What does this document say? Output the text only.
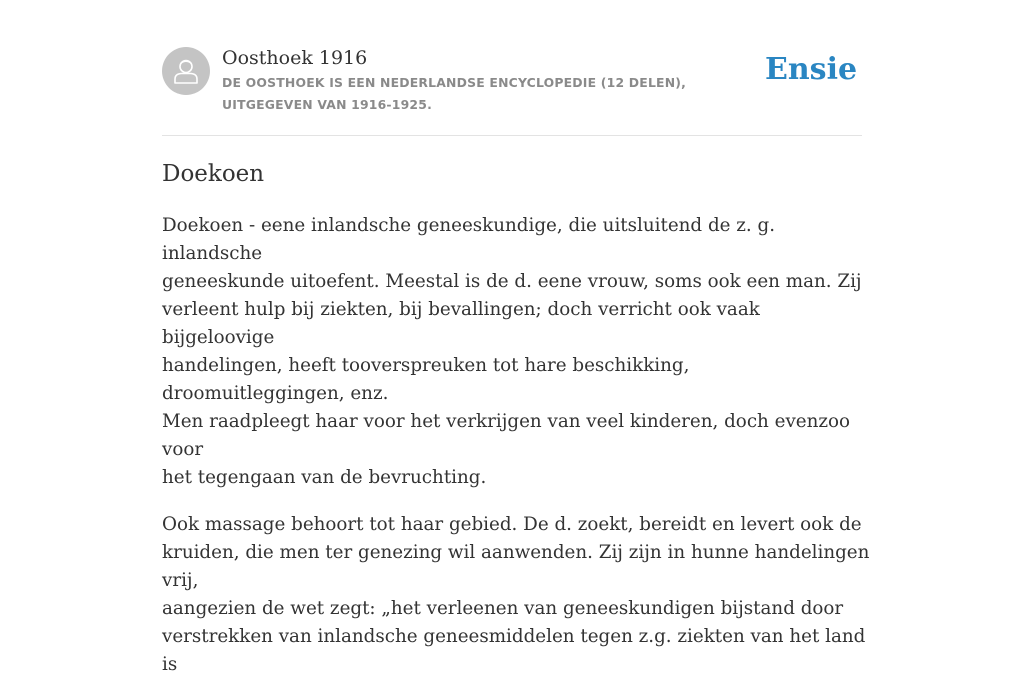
Oosthoek 1916
DE OOSTHOEK IS EEN NEDERLANDSE ENCYCLOPEDIE (12 DELEN), UITGEGEVEN VAN 1916-1925.
Ensie
Doekoen

Doekoen - eene inlandsche geneeskundige, die uitsluitend de z. g. inlandsche
geneeskunde uitoefent. Meestal is de d. eene vrouw, soms ook een man. Zij
verleent hulp bij ziekten, bij bevallingen; doch verricht ook vaak bijgeloovige
handelingen, heeft tooverspreuken tot hare beschikking, droomuitleggingen, enz.
Men raadpleegt haar voor het verkrijgen van veel kinderen, doch evenzoo voor
het tegengaan van de bevruchting.

Ook massage behoort tot haar gebied. De d. zoekt, bereidt en levert ook de
kruiden, die men ter genezing wil aanwenden. Zij zijn in hunne handelingen vrij,
aangezien de wet zegt: „het verleenen van geneeskundigen bijstand door
verstrekken van inlandsche geneesmiddelen tegen z.g. ziekten van het land is
